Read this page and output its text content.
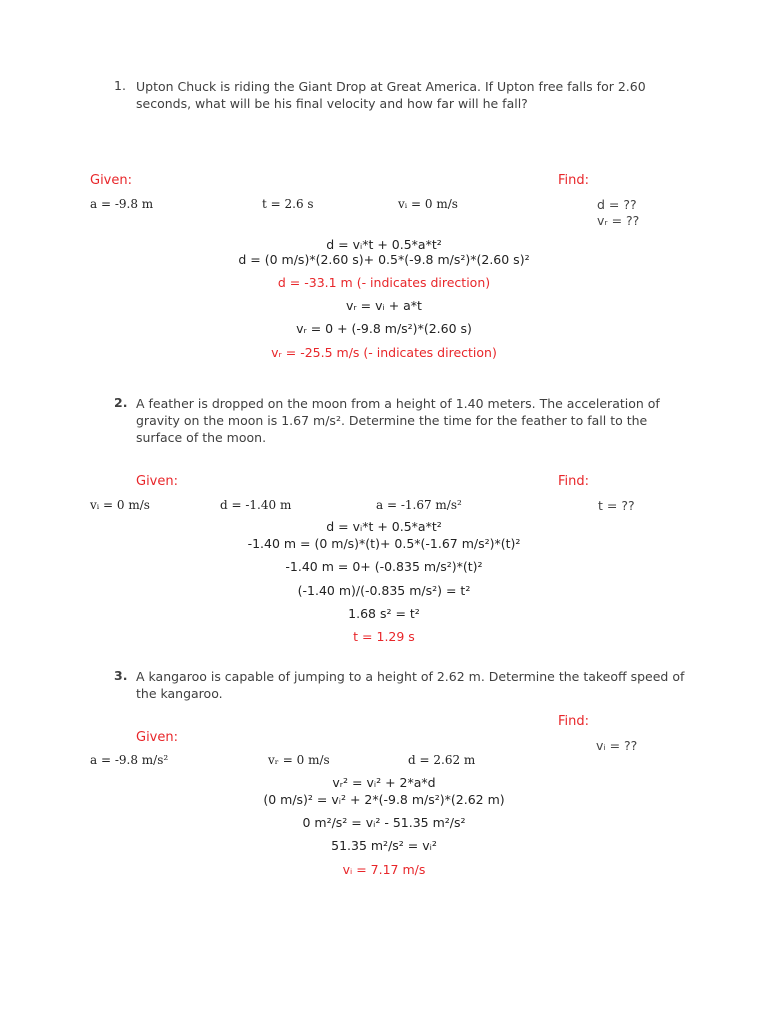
1. Upton Chuck is riding the Giant Drop at Great America. If Upton free falls for 2.60
seconds, what will be his final velocity and how far will he fall?
Given:	Find:
a = -9.8 m	t = 2.6 s	vᵢ = 0 m/s	d = ??
vᵣ = ??
d = vᵢ*t + 0.5*a*t²
d = (0 m/s)*(2.60 s)+ 0.5*(-9.8 m/s²)*(2.60 s)²
d = -33.1 m (- indicates direction)
vᵣ = vᵢ + a*t
vᵣ = 0 + (-9.8 m/s²)*(2.60 s)
vᵣ = -25.5 m/s (- indicates direction)
2. A feather is dropped on the moon from a height of 1.40 meters. The acceleration of
gravity on the moon is 1.67 m/s². Determine the time for the feather to fall to the
surface of the moon.
Given:	Find:
vᵢ = 0 m/s	d = -1.40 m	a = -1.67 m/s²	t = ??
d = vᵢ*t + 0.5*a*t²
-1.40 m = (0 m/s)*(t)+ 0.5*(-1.67 m/s²)*(t)²
-1.40 m = 0+ (-0.835 m/s²)*(t)²
(-1.40 m)/(-0.835 m/s²) = t²
1.68 s² = t²
t = 1.29 s
3. A kangaroo is capable of jumping to a height of 2.62 m. Determine the takeoff speed of
the kangaroo.
Find:
Given:
vᵢ = ??
a = -9.8 m/s²	vᵣ = 0 m/s	d = 2.62 m
vᵣ² = vᵢ² + 2*a*d
(0 m/s)² = vᵢ² + 2*(-9.8 m/s²)*(2.62 m)
0 m²/s² = vᵢ² - 51.35 m²/s²
51.35 m²/s² = vᵢ²
vᵢ = 7.17 m/s
